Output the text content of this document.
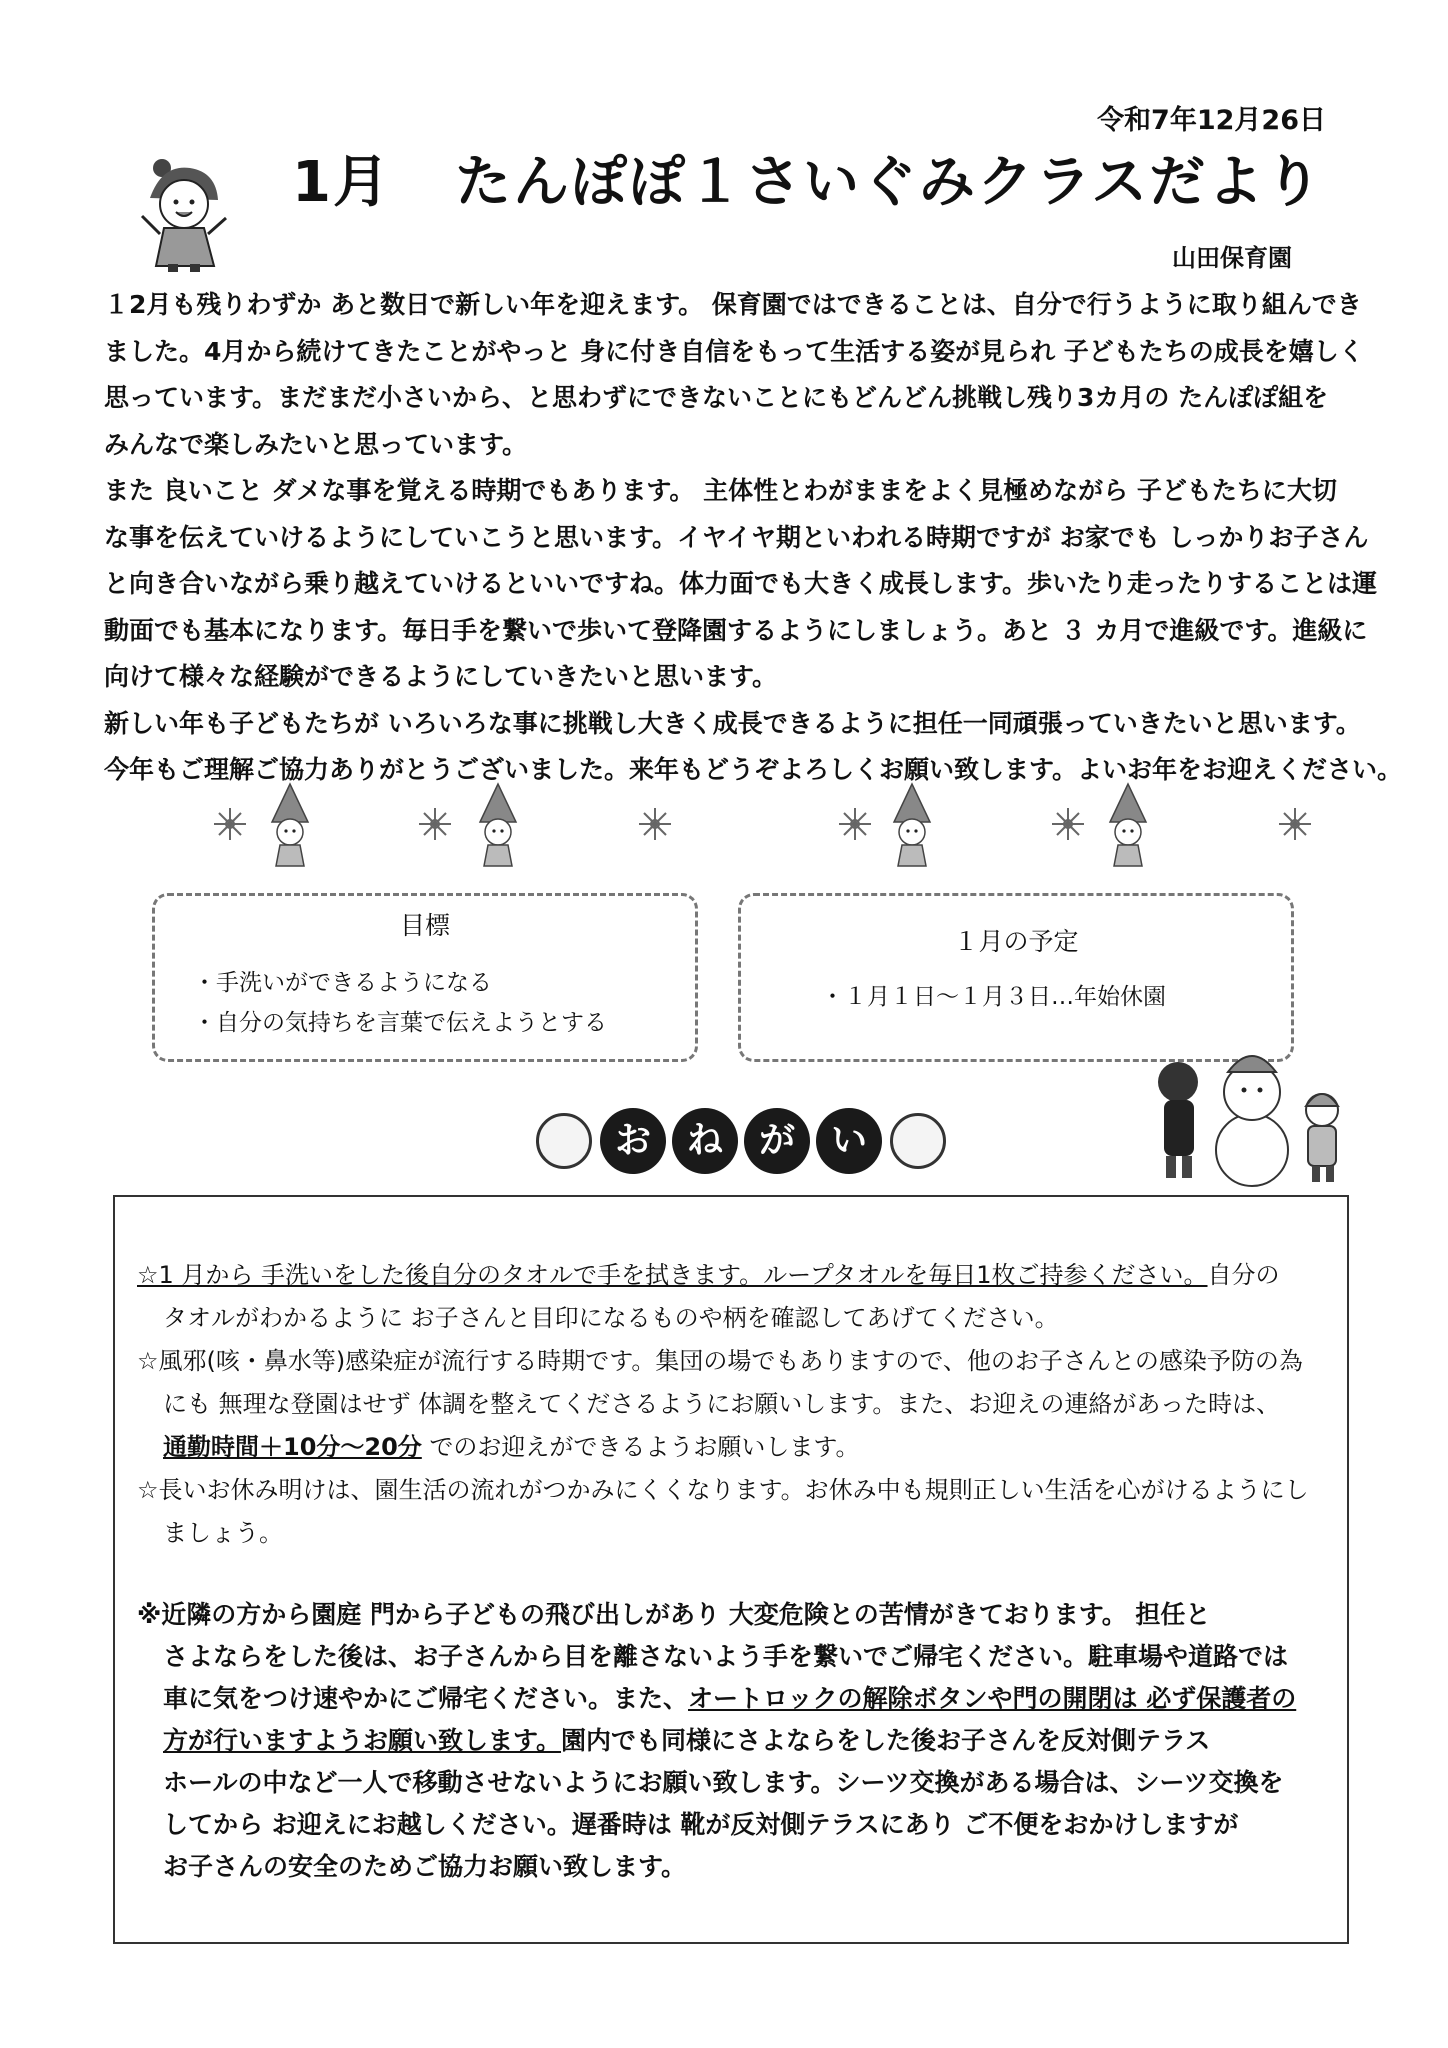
令和7年12月26日
1月 たんぽぽ１さいぐみクラスだより
山田保育園

１2月も残りわずか あと数日で新しい年を迎えます。 保育園ではできることは、自分で行うように取り組んでき

ました。4月から続けてきたことがやっと 身に付き自信をもって生活する姿が見られ 子どもたちの成長を嬉しく

思っています。まだまだ小さいから、と思わずにできないことにもどんどん挑戦し残り3カ月の たんぽぽ組を

みんなで楽しみたいと思っています。

また 良いこと ダメな事を覚える時期でもあります。 主体性とわがままをよく見極めながら 子どもたちに大切

な事を伝えていけるようにしていこうと思います。イヤイヤ期といわれる時期ですが お家でも しっかりお子さん

と向き合いながら乗り越えていけるといいですね。体力面でも大きく成長します。歩いたり走ったりすることは運

動面でも基本になります。毎日手を繋いで歩いて登降園するようにしましょう。あと ３ カ月で進級です。進級に

向けて様々な経験ができるようにしていきたいと思います。

新しい年も子どもたちが いろいろな事に挑戦し大きく成長できるように担任一同頑張っていきたいと思います。

今年もご理解ご協力ありがとうございました。来年もどうぞよろしくお願い致します。よいお年をお迎えください。

目標
・手洗いができるようになる
・自分の気持ちを言葉で伝えようとする
１月の予定
・１月１日～１月３日…年始休園
お ね が い

☆1 月から 手洗いをした後自分のタオルで手を拭きます。ループタオルを毎日1枚ご持参ください。自分の

タオルがわかるように お子さんと目印になるものや柄を確認してあげてください。

☆風邪(咳・鼻水等)感染症が流行する時期です。集団の場でもありますので、他のお子さんとの感染予防の為

にも 無理な登園はせず 体調を整えてくださるようにお願いします。また、お迎えの連絡があった時は、

通勤時間＋10分～20分 でのお迎えができるようお願いします。

☆長いお休み明けは、園生活の流れがつかみにくくなります。お休み中も規則正しい生活を心がけるようにし

ましょう。

※近隣の方から園庭 門から子どもの飛び出しがあり 大変危険との苦情がきております。 担任と

さよならをした後は、お子さんから目を離さないよう手を繋いでご帰宅ください。駐車場や道路では

車に気をつけ速やかにご帰宅ください。また、オートロックの解除ボタンや門の開閉は 必ず保護者の

方が行いますようお願い致します。園内でも同様にさよならをした後お子さんを反対側テラス

ホールの中など一人で移動させないようにお願い致します。シーツ交換がある場合は、シーツ交換を

してから お迎えにお越しください。遅番時は 靴が反対側テラスにあり ご不便をおかけしますが

お子さんの安全のためご協力お願い致します。
